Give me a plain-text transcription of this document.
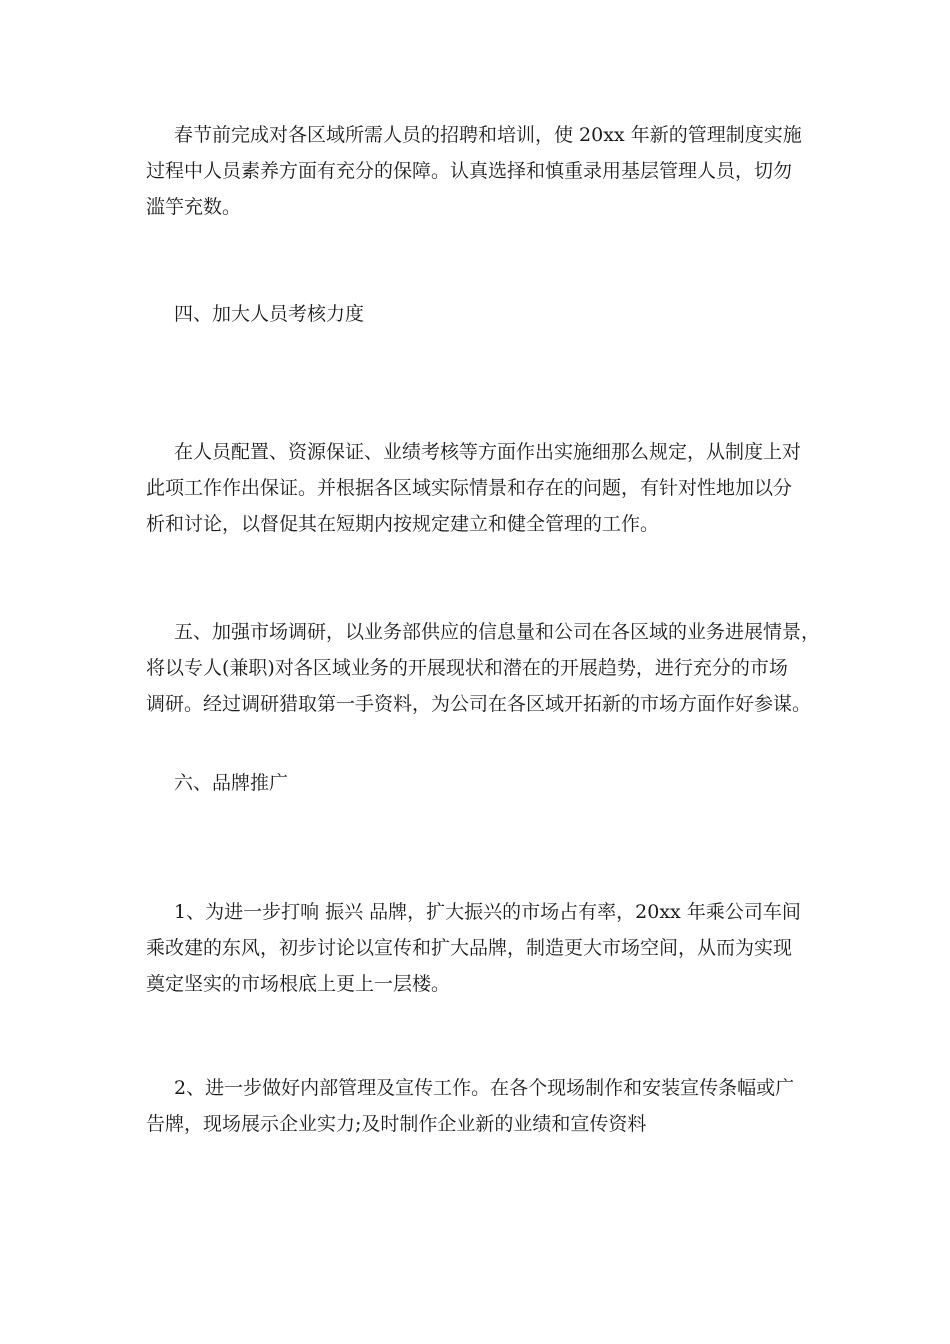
春节前完成对各区域所需人员的招聘和培训，使 20xx 年新的管理制度实施
过程中人员素养方面有充分的保障。认真选择和慎重录用基层管理人员，切勿
滥竽充数。

四、加大人员考核力度

在人员配置、资源保证、业绩考核等方面作出实施细那么规定，从制度上对
此项工作作出保证。并根据各区域实际情景和存在的问题，有针对性地加以分
析和讨论，以督促其在短期内按规定建立和健全管理的工作。

五、加强市场调研，以业务部供应的信息量和公司在各区域的业务进展情景，
将以专人(兼职)对各区域业务的开展现状和潜在的开展趋势，进行充分的市场
调研。经过调研猎取第一手资料，为公司在各区域开拓新的市场方面作好参谋。

六、品牌推广

1、为进一步打响 振兴 品牌，扩大振兴的市场占有率，20xx 年乘公司车间
乘改建的东风，初步讨论以宣传和扩大品牌，制造更大市场空间，从而为实现
奠定坚实的市场根底上更上一层楼。

2、进一步做好内部管理及宣传工作。在各个现场制作和安装宣传条幅或广
告牌，现场展示企业实力;及时制作企业新的业绩和宣传资料
